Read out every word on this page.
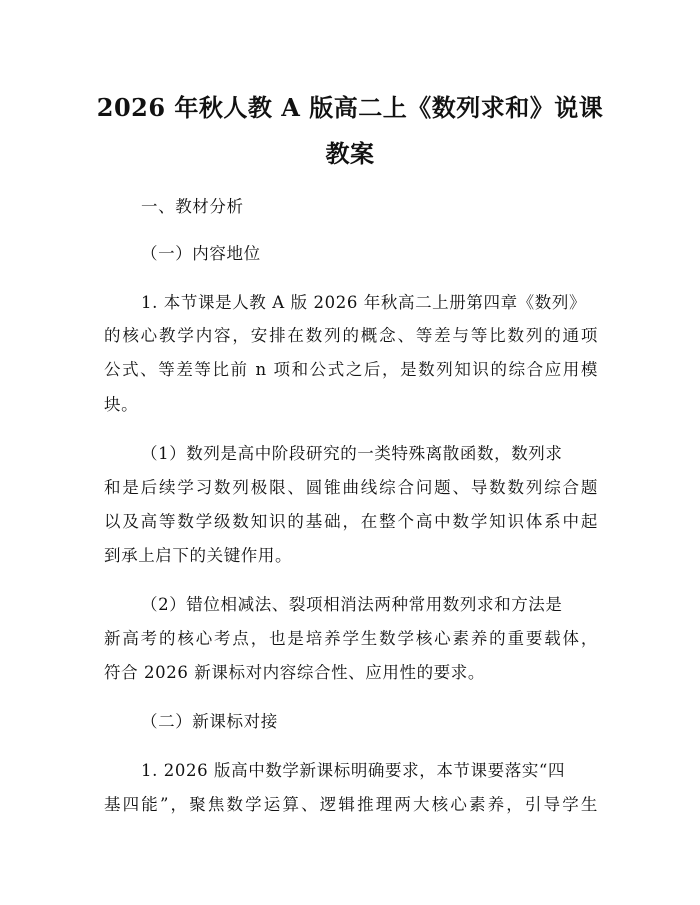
2026 年秋人教 A 版高二上《数列求和》说课
教案
一、教材分析
（一）内容地位
1. 本节课是人教 A 版 2026 年秋高二上册第四章《数列》
的核心教学内容，安排在数列的概念、等差与等比数列的通项
公式、等差等比前 n 项和公式之后，是数列知识的综合应用模
块。
（1）数列是高中阶段研究的一类特殊离散函数，数列求
和是后续学习数列极限、圆锥曲线综合问题、导数数列综合题
以及高等数学级数知识的基础，在整个高中数学知识体系中起
到承上启下的关键作用。
（2）错位相减法、裂项相消法两种常用数列求和方法是
新高考的核心考点，也是培养学生数学核心素养的重要载体，
符合 2026 新课标对内容综合性、应用性的要求。
（二）新课标对接
1. 2026 版高中数学新课标明确要求，本节课要落实“四
基四能”，聚焦数学运算、逻辑推理两大核心素养，引导学生
